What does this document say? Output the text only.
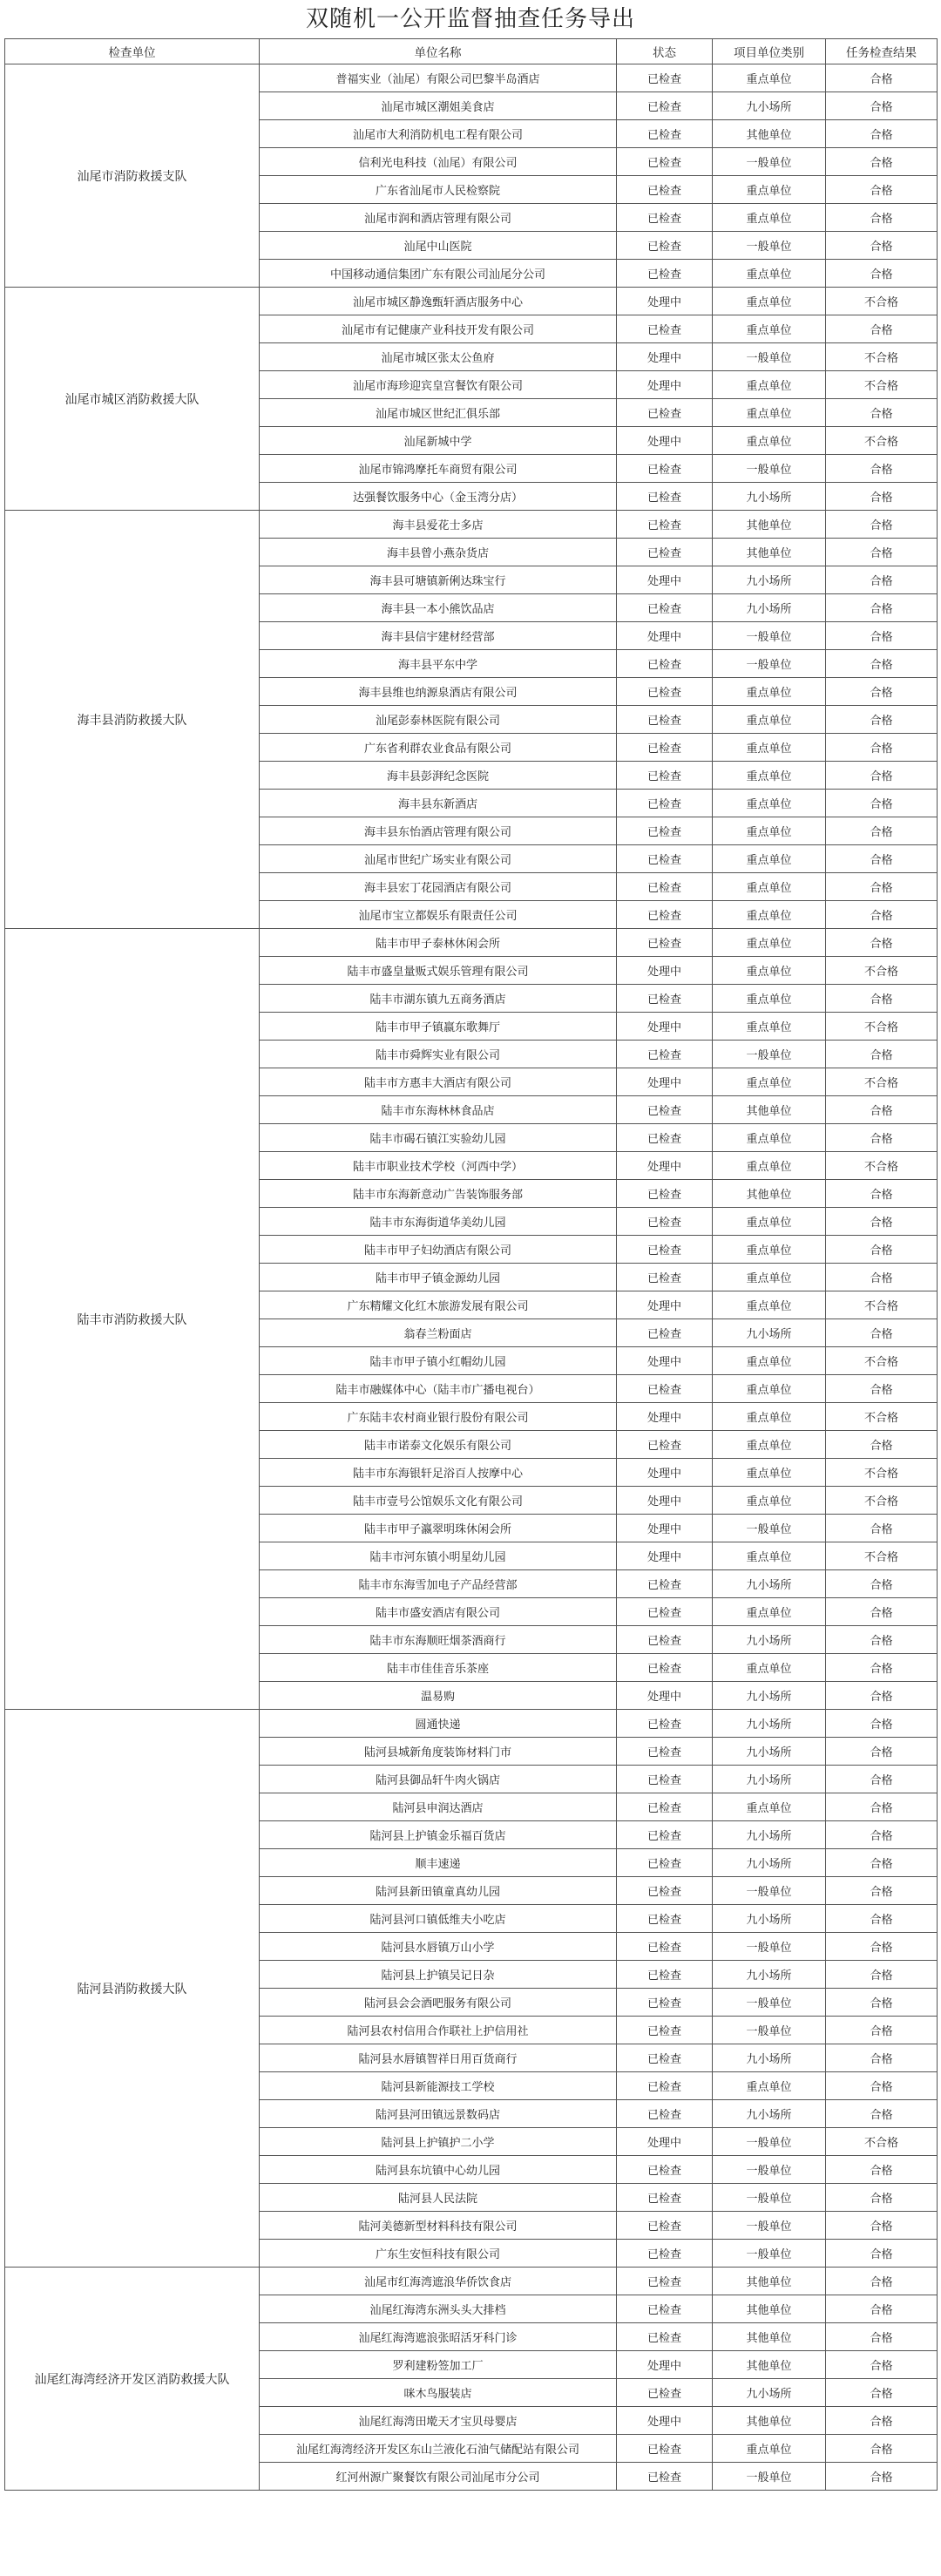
双随机一公开监督抽查任务导出
检查单位	单位名称	状态	项目单位类别	任务检查结果
汕尾市消防救援支队	普福实业（汕尾）有限公司巴黎半岛酒店	已检查	重点单位	合格
	汕尾市城区潮姐美食店	已检查	九小场所	合格
	汕尾市大利消防机电工程有限公司	已检查	其他单位	合格
	信利光电科技（汕尾）有限公司	已检查	一般单位	合格
	广东省汕尾市人民检察院	已检查	重点单位	合格
	汕尾市润和酒店管理有限公司	已检查	重点单位	合格
	汕尾中山医院	已检查	一般单位	合格
	中国移动通信集团广东有限公司汕尾分公司	已检查	重点单位	合格
汕尾市城区消防救援大队	汕尾市城区静逸甄轩酒店服务中心	处理中	重点单位	不合格
	汕尾市有记健康产业科技开发有限公司	已检查	重点单位	合格
	汕尾市城区张太公鱼府	处理中	一般单位	不合格
	汕尾市海珍迎宾皇宫餐饮有限公司	处理中	重点单位	不合格
	汕尾市城区世纪汇俱乐部	已检查	重点单位	合格
	汕尾新城中学	处理中	重点单位	不合格
	汕尾市锦鸿摩托车商贸有限公司	已检查	一般单位	合格
	达强餐饮服务中心（金玉湾分店）	已检查	九小场所	合格
海丰县消防救援大队	海丰县爱花士多店	已检查	其他单位	合格
	海丰县曾小燕杂货店	已检查	其他单位	合格
	海丰县可塘镇新俐达珠宝行	处理中	九小场所	合格
	海丰县一本小熊饮品店	已检查	九小场所	合格
	海丰县信宇建材经营部	处理中	一般单位	合格
	海丰县平东中学	已检查	一般单位	合格
	海丰县维也纳源泉酒店有限公司	已检查	重点单位	合格
	汕尾彭泰林医院有限公司	已检查	重点单位	合格
	广东省利群农业食品有限公司	已检查	重点单位	合格
	海丰县彭湃纪念医院	已检查	重点单位	合格
	海丰县东新酒店	已检查	重点单位	合格
	海丰县东怡酒店管理有限公司	已检查	重点单位	合格
	汕尾市世纪广场实业有限公司	已检查	重点单位	合格
	海丰县宏丁花园酒店有限公司	已检查	重点单位	合格
	汕尾市宝立都娱乐有限责任公司	已检查	重点单位	合格
陆丰市消防救援大队	陆丰市甲子泰林休闲会所	已检查	重点单位	合格
	陆丰市盛皇量贩式娱乐管理有限公司	处理中	重点单位	不合格
	陆丰市湖东镇九五商务酒店	已检查	重点单位	合格
	陆丰市甲子镇嬴东歌舞厅	处理中	重点单位	不合格
	陆丰市舜辉实业有限公司	已检查	一般单位	合格
	陆丰市方惠丰大酒店有限公司	处理中	重点单位	不合格
	陆丰市东海林林食品店	已检查	其他单位	合格
	陆丰市碣石镇江实验幼儿园	已检查	重点单位	合格
	陆丰市职业技术学校（河西中学）	处理中	重点单位	不合格
	陆丰市东海新意动广告装饰服务部	已检查	其他单位	合格
	陆丰市东海街道华美幼儿园	已检查	重点单位	合格
	陆丰市甲子妇幼酒店有限公司	已检查	重点单位	合格
	陆丰市甲子镇金源幼儿园	已检查	重点单位	合格
	广东精耀文化红木旅游发展有限公司	处理中	重点单位	不合格
	翁春兰粉面店	已检查	九小场所	合格
	陆丰市甲子镇小红帽幼儿园	处理中	重点单位	不合格
	陆丰市融媒体中心（陆丰市广播电视台）	已检查	重点单位	合格
	广东陆丰农村商业银行股份有限公司	处理中	重点单位	不合格
	陆丰市诺泰文化娱乐有限公司	已检查	重点单位	合格
	陆丰市东海银轩足浴百人按摩中心	处理中	重点单位	不合格
	陆丰市壹号公馆娱乐文化有限公司	处理中	重点单位	不合格
	陆丰市甲子瀛翠明珠休闲会所	处理中	一般单位	合格
	陆丰市河东镇小明星幼儿园	处理中	重点单位	不合格
	陆丰市东海雪加电子产品经营部	已检查	九小场所	合格
	陆丰市盛安酒店有限公司	已检查	重点单位	合格
	陆丰市东海顺旺烟茶酒商行	已检查	九小场所	合格
	陆丰市佳佳音乐茶座	已检查	重点单位	合格
	温易购	处理中	九小场所	合格
陆河县消防救援大队	圆通快递	已检查	九小场所	合格
	陆河县城新角度装饰材料门市	已检查	九小场所	合格
	陆河县御品轩牛肉火锅店	已检查	九小场所	合格
	陆河县申润达酒店	已检查	重点单位	合格
	陆河县上护镇金乐福百货店	已检查	九小场所	合格
	顺丰速递	已检查	九小场所	合格
	陆河县新田镇童真幼儿园	已检查	一般单位	合格
	陆河县河口镇低维夫小吃店	已检查	九小场所	合格
	陆河县水唇镇万山小学	已检查	一般单位	合格
	陆河县上护镇吴记日杂	已检查	九小场所	合格
	陆河县会会酒吧服务有限公司	已检查	一般单位	合格
	陆河县农村信用合作联社上护信用社	已检查	一般单位	合格
	陆河县水唇镇智祥日用百货商行	已检查	九小场所	合格
	陆河县新能源技工学校	已检查	重点单位	合格
	陆河县河田镇远景数码店	已检查	九小场所	合格
	陆河县上护镇护二小学	处理中	一般单位	不合格
	陆河县东坑镇中心幼儿园	已检查	一般单位	合格
	陆河县人民法院	已检查	一般单位	合格
	陆河美德新型材料科技有限公司	已检查	一般单位	合格
	广东生安恒科技有限公司	已检查	一般单位	合格
汕尾红海湾经济开发区消防救援大队	汕尾市红海湾遮浪华侨饮食店	已检查	其他单位	合格
	汕尾红海湾东洲头头大排档	已检查	其他单位	合格
	汕尾红海湾遮浪张昭活牙科门诊	已检查	其他单位	合格
	罗利建粉签加工厂	处理中	其他单位	合格
	咪木鸟服装店	已检查	九小场所	合格
	汕尾红海湾田墘天才宝贝母婴店	处理中	其他单位	合格
	汕尾红海湾经济开发区东山兰液化石油气储配站有限公司	已检查	重点单位	合格
	红河州源广聚餐饮有限公司汕尾市分公司	已检查	一般单位	合格
